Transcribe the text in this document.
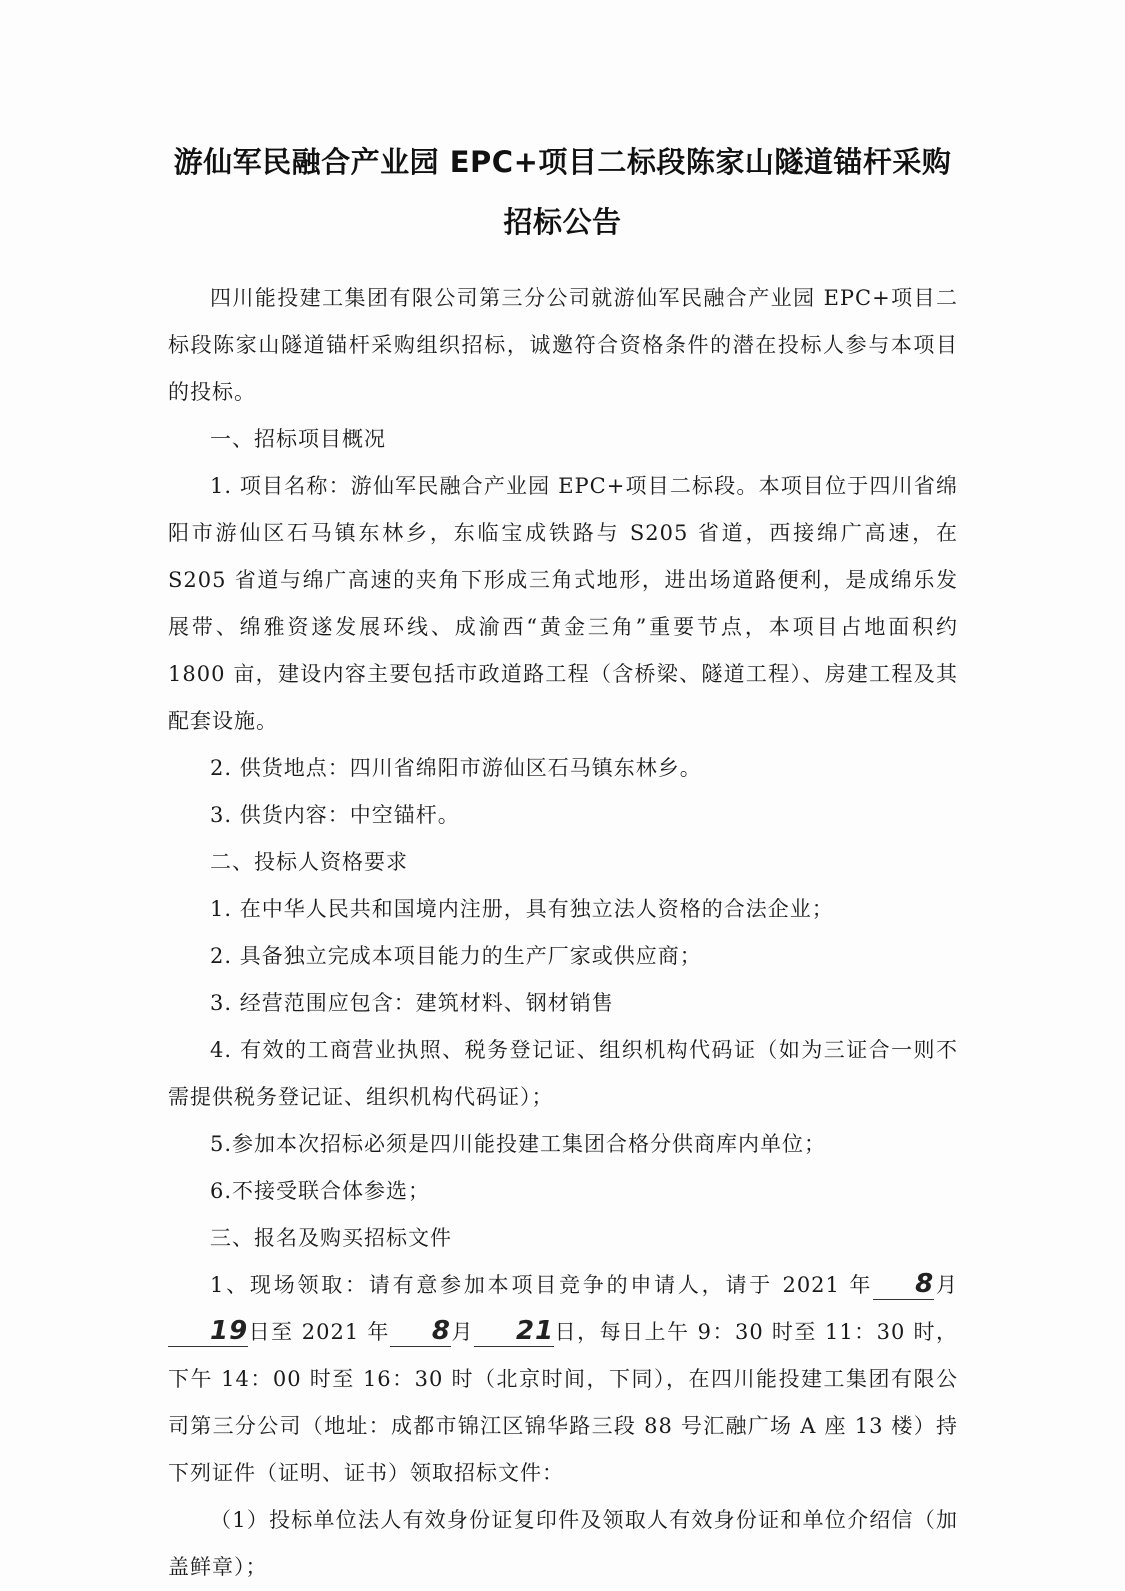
游仙军民融合产业园 EPC+项目二标段陈家山隧道锚杆采购
招标公告

四川能投建工集团有限公司第三分公司就游仙军民融合产业园 EPC+项目二标段陈家山隧道锚杆采购组织招标，诚邀符合资格条件的潜在投标人参与本项目的投标。

一、招标项目概况

1. 项目名称：游仙军民融合产业园 EPC+项目二标段。本项目位于四川省绵阳市游仙区石马镇东林乡，东临宝成铁路与 S205 省道，西接绵广高速，在 S205 省道与绵广高速的夹角下形成三角式地形，进出场道路便利，是成绵乐发展带、绵雅资遂发展环线、成渝西“黄金三角”重要节点，本项目占地面积约 1800 亩，建设内容主要包括市政道路工程（含桥梁、隧道工程）、房建工程及其配套设施。

2. 供货地点：四川省绵阳市游仙区石马镇东林乡。

3. 供货内容：中空锚杆。

二、投标人资格要求

1. 在中华人民共和国境内注册，具有独立法人资格的合法企业；

2. 具备独立完成本项目能力的生产厂家或供应商；

3. 经营范围应包含：建筑材料、钢材销售

4. 有效的工商营业执照、税务登记证、组织机构代码证（如为三证合一则不需提供税务登记证、组织机构代码证）；

5.参加本次招标必须是四川能投建工集团合格分供商库内单位；

6.不接受联合体参选；

三、报名及购买招标文件

1、现场领取：请有意参加本项目竞争的申请人，请于 2021 年 8月19日至 2021 年 8月 21日，每日上午 9：30 时至 11：30 时，下午 14：00 时至 16：30 时（北京时间，下同），在四川能投建工集团有限公司第三分公司（地址：成都市锦江区锦华路三段 88 号汇融广场 A 座 13 楼）持下列证件（证明、证书）领取招标文件：

（1）投标单位法人有效身份证复印件及领取人有效身份证和单位介绍信（加盖鲜章）；
